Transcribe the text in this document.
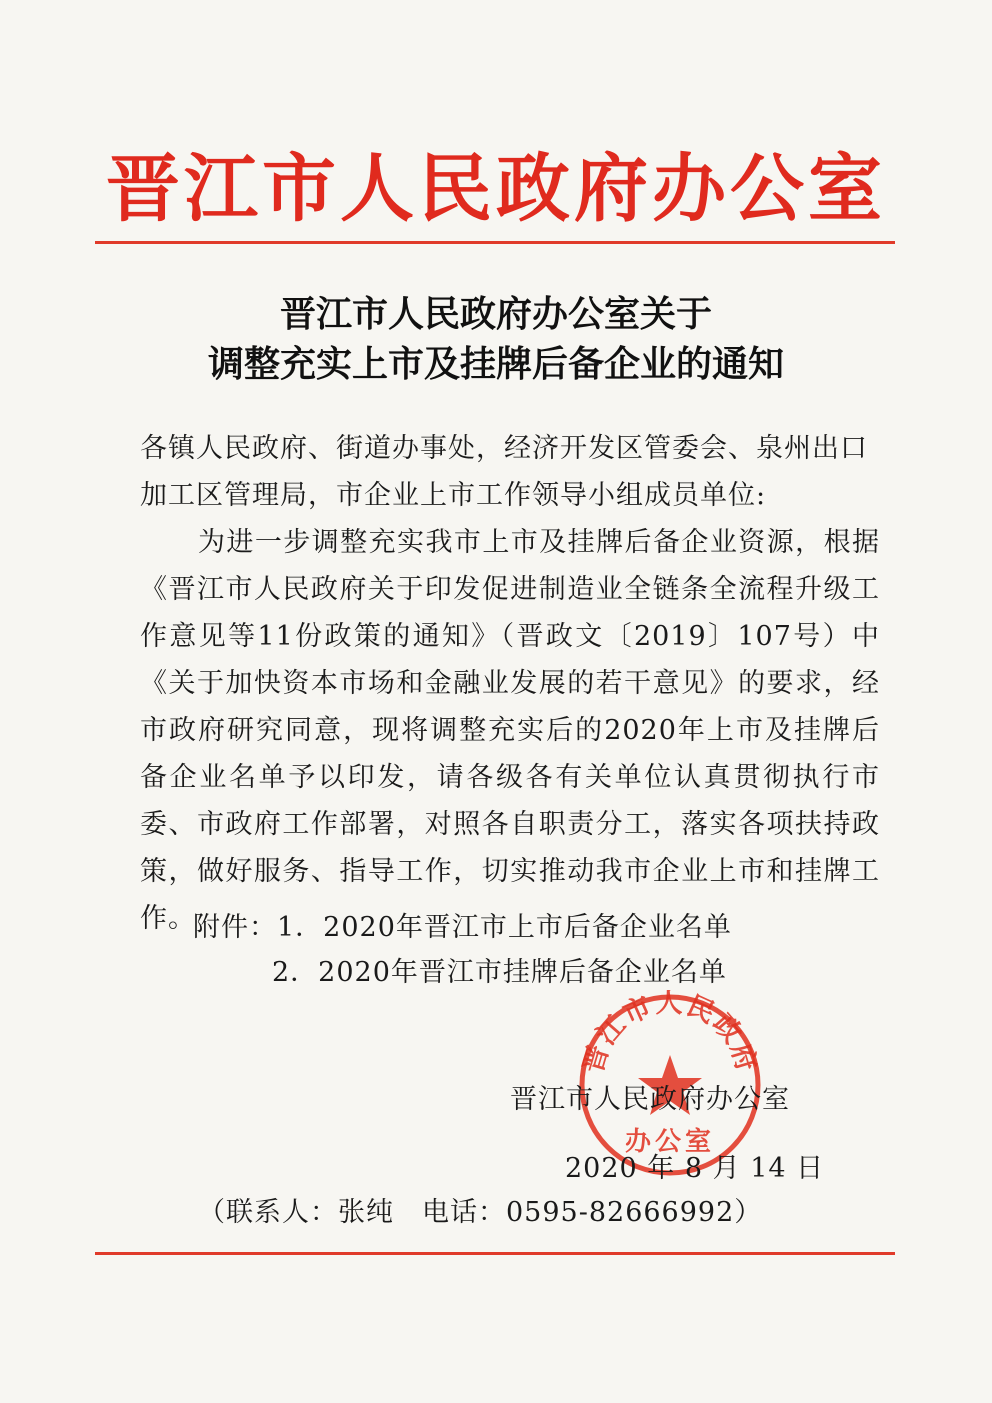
晋江市人民政府办公室
晋江市人民政府办公室关于
调整充实上市及挂牌后备企业的通知
各镇人民政府、街道办事处，经济开发区管委会、泉州出口加工区管理局，市企业上市工作领导小组成员单位:
为进一步调整充实我市上市及挂牌后备企业资源，根据《晋江市人民政府关于印发促进制造业全链条全流程升级工作意见等11份政策的通知》（晋政文〔2019〕107号）中《关于加快资本市场和金融业发展的若干意见》的要求，经市政府研究同意，现将调整充实后的2020年上市及挂牌后备企业名单予以印发，请各级各有关单位认真贯彻执行市委、市政府工作部署，对照各自职责分工，落实各项扶持政策，做好服务、指导工作，切实推动我市企业上市和挂牌工作。
附件：1．2020年晋江市上市后备企业名单
2．2020年晋江市挂牌后备企业名单
晋江市人民政府
办公室
晋江市人民政府办公室
2020 年 8 月 14 日
（联系人：张纯　电话：0595-82666992）
